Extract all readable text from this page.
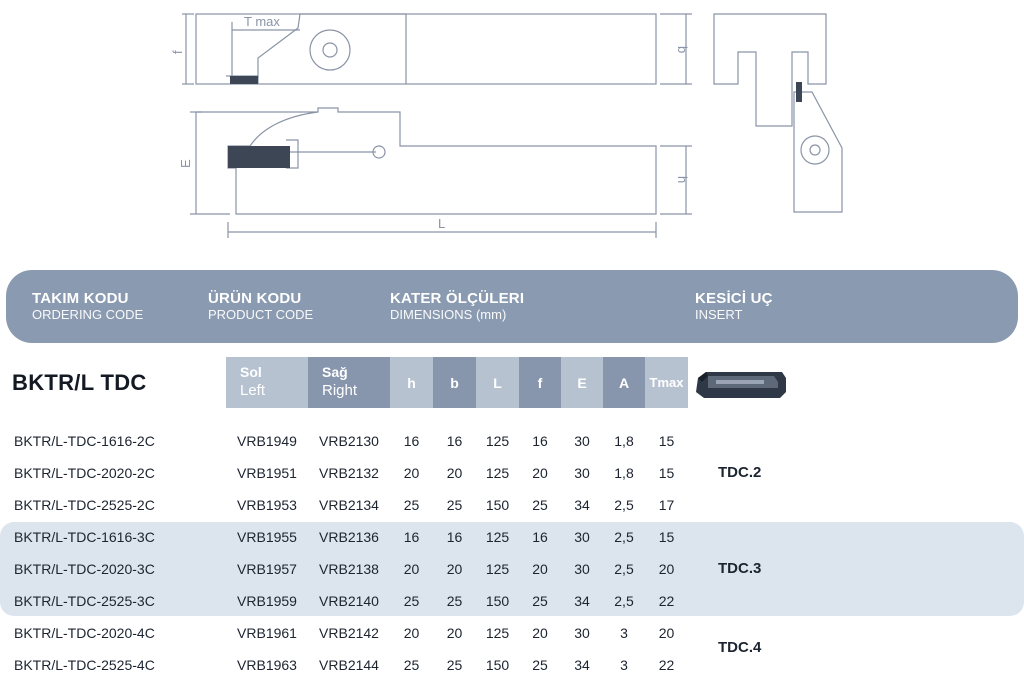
T max
f	b
E
h
L
TAKIM KODU
ORDERING CODE
ÜRÜN KODU
PRODUCT CODE
KATER ÖLÇÜLERI
DIMENSIONS (mm)
KESİCİ UÇ
INSERT
BKTR/L TDC	Sol
Left
Sağ
Right	h	b	L	f	E	A	Tmax
BKTR/L-TDC-1616-2C	VRB1949	VRB2130	16	16	125	16	30	1,8	15
BKTR/L-TDC-2020-2C	VRB1951	VRB2132	20	20	125	20	30	1,8	15
BKTR/L-TDC-2525-2C	VRB1953	VRB2134	25	25	150	25	34	2,5	17
BKTR/L-TDC-1616-3C	VRB1955	VRB2136	16	16	125	16	30	2,5	15
BKTR/L-TDC-2020-3C	VRB1957	VRB2138	20	20	125	20	30	2,5	20
BKTR/L-TDC-2525-3C	VRB1959	VRB2140	25	25	150	25	34	2,5	22
BKTR/L-TDC-2020-4C	VRB1961	VRB2142	20	20	125	20	30	3	20
BKTR/L-TDC-2525-4C	VRB1963	VRB2144	25	25	150	25	34	3	22
TDC.2
TDC.3
TDC.4
